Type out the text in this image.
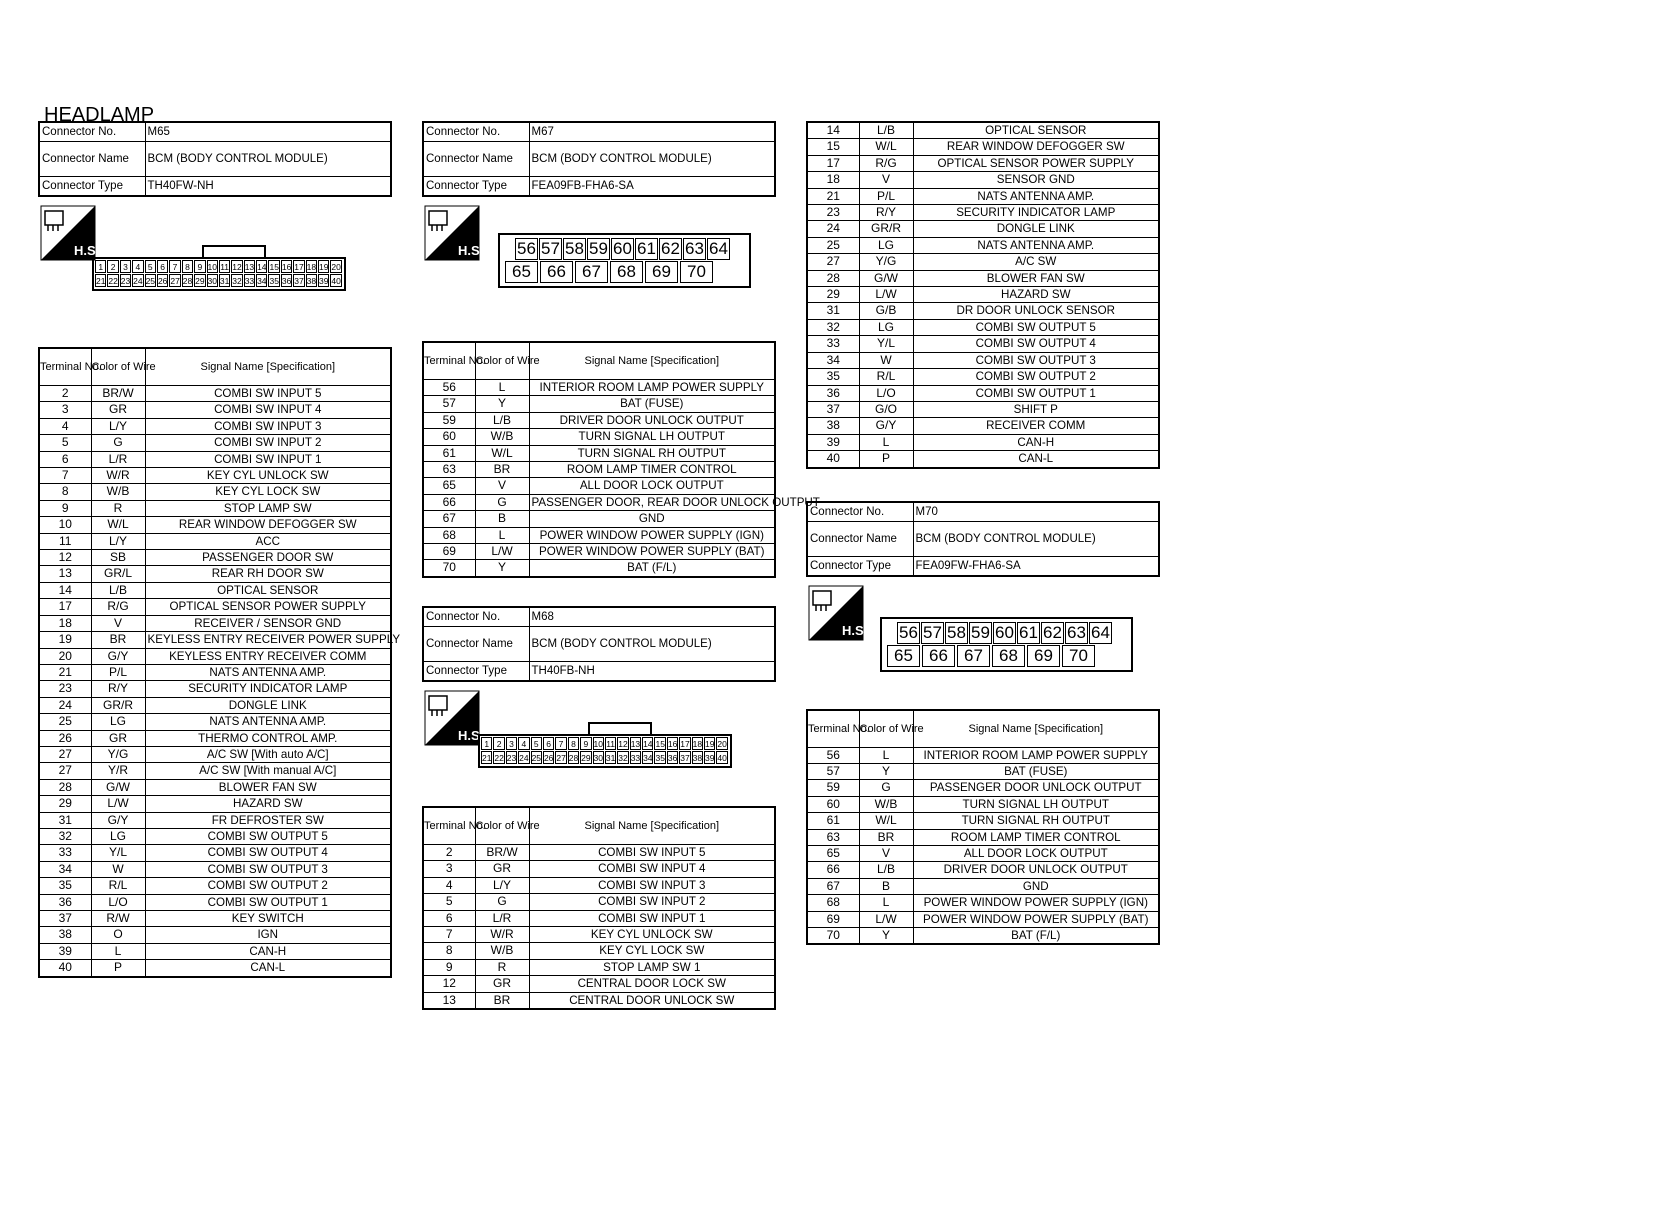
HEADLAMP
Connector No.	M65
Connector Name	BCM (BODY CONTROL MODULE)
Connector Type	TH40FW-NH
H.S.
1 2 3 4 5 6 7 8 9 10 11 12 13 14 15 16 17 18 19 20
21 22 23 24 25 26 27 28 29 30 31 32 33 34 35 36 37 38 39 40
Terminal No.	Color of Wire	Signal Name [Specification]
2	BR/W	COMBI SW INPUT 5
3	GR	COMBI SW INPUT 4
4	L/Y	COMBI SW INPUT 3
5	G	COMBI SW INPUT 2
6	L/R	COMBI SW INPUT 1
7	W/R	KEY CYL UNLOCK SW
8	W/B	KEY CYL LOCK SW
9	R	STOP LAMP SW
10	W/L	REAR WINDOW DEFOGGER SW
11	L/Y	ACC
12	SB	PASSENGER DOOR SW
13	GR/L	REAR RH DOOR SW
14	L/B	OPTICAL SENSOR
17	R/G	OPTICAL SENSOR POWER SUPPLY
18	V	RECEIVER / SENSOR GND
19	BR	KEYLESS ENTRY RECEIVER POWER SUPPLY
20	G/Y	KEYLESS ENTRY RECEIVER COMM
21	P/L	NATS ANTENNA AMP.
23	R/Y	SECURITY INDICATOR LAMP
24	GR/R	DONGLE LINK
25	LG	NATS ANTENNA AMP.
26	GR	THERMO CONTROL AMP.
27	Y/G	A/C SW [With auto A/C]
27	Y/R	A/C SW [With manual A/C]
28	G/W	BLOWER FAN SW
29	L/W	HAZARD SW
31	G/Y	FR DEFROSTER SW
32	LG	COMBI SW OUTPUT 5
33	Y/L	COMBI SW OUTPUT 4
34	W	COMBI SW OUTPUT 3
35	R/L	COMBI SW OUTPUT 2
36	L/O	COMBI SW OUTPUT 1
37	R/W	KEY SWITCH
38	O	IGN
39	L	CAN-H
40	P	CAN-L
Connector No.	M67
Connector Name	BCM (BODY CONTROL MODULE)
Connector Type	FEA09FB-FHA6-SA
H.S. 56 57 58 59 60 61 62 63 64
65 66 67 68 69 70
Terminal No.	Color of Wire	Signal Name [Specification]
56	L	INTERIOR ROOM LAMP POWER SUPPLY
57	Y	BAT (FUSE)
59	L/B	DRIVER DOOR UNLOCK OUTPUT
60	W/B	TURN SIGNAL LH OUTPUT
61	W/L	TURN SIGNAL RH OUTPUT
63	BR	ROOM LAMP TIMER CONTROL
65	V	ALL DOOR LOCK OUTPUT
66	G	PASSENGER DOOR, REAR DOOR UNLOCK OUTPUT
67	B	GND
68	L	POWER WINDOW POWER SUPPLY (IGN)
69	L/W	POWER WINDOW POWER SUPPLY (BAT)
70	Y	BAT (F/L)
Connector No.	M68
Connector Name	BCM (BODY CONTROL MODULE)
Connector Type	TH40FB-NH
H.S.
1 2 3 4 5 6 7 8 9 10 11 12 13 14 15 16 17 18 19 20
21 22 23 24 25 26 27 28 29 30 31 32 33 34 35 36 37 38 39 40
Terminal No.	Color of Wire	Signal Name [Specification]
2	BR/W	COMBI SW INPUT 5
3	GR	COMBI SW INPUT 4
4	L/Y	COMBI SW INPUT 3
5	G	COMBI SW INPUT 2
6	L/R	COMBI SW INPUT 1
7	W/R	KEY CYL UNLOCK SW
8	W/B	KEY CYL LOCK SW
9	R	STOP LAMP SW 1
12	GR	CENTRAL DOOR LOCK SW
13	BR	CENTRAL DOOR UNLOCK SW
14	L/B	OPTICAL SENSOR
15	W/L	REAR WINDOW DEFOGGER SW
17	R/G	OPTICAL SENSOR POWER SUPPLY
18	V	SENSOR GND
21	P/L	NATS ANTENNA AMP.
23	R/Y	SECURITY INDICATOR LAMP
24	GR/R	DONGLE LINK
25	LG	NATS ANTENNA AMP.
27	Y/G	A/C SW
28	G/W	BLOWER FAN SW
29	L/W	HAZARD SW
31	G/B	DR DOOR UNLOCK SENSOR
32	LG	COMBI SW OUTPUT 5
33	Y/L	COMBI SW OUTPUT 4
34	W	COMBI SW OUTPUT 3
35	R/L	COMBI SW OUTPUT 2
36	L/O	COMBI SW OUTPUT 1
37	G/O	SHIFT P
38	G/Y	RECEIVER COMM
39	L	CAN-H
40	P	CAN-L
Connector No.	M70
Connector Name	BCM (BODY CONTROL MODULE)
Connector Type	FEA09FW-FHA6-SA
H.S. 56 57 58 59 60 61 62 63 64
65 66 67 68 69 70
Terminal No.	Color of Wire	Signal Name [Specification]
56	L	INTERIOR ROOM LAMP POWER SUPPLY
57	Y	BAT (FUSE)
59	G	PASSENGER DOOR UNLOCK OUTPUT
60	W/B	TURN SIGNAL LH OUTPUT
61	W/L	TURN SIGNAL RH OUTPUT
63	BR	ROOM LAMP TIMER CONTROL
65	V	ALL DOOR LOCK OUTPUT
66	L/B	DRIVER DOOR UNLOCK OUTPUT
67	B	GND
68	L	POWER WINDOW POWER SUPPLY (IGN)
69	L/W	POWER WINDOW POWER SUPPLY (BAT)
70	Y	BAT (F/L)
